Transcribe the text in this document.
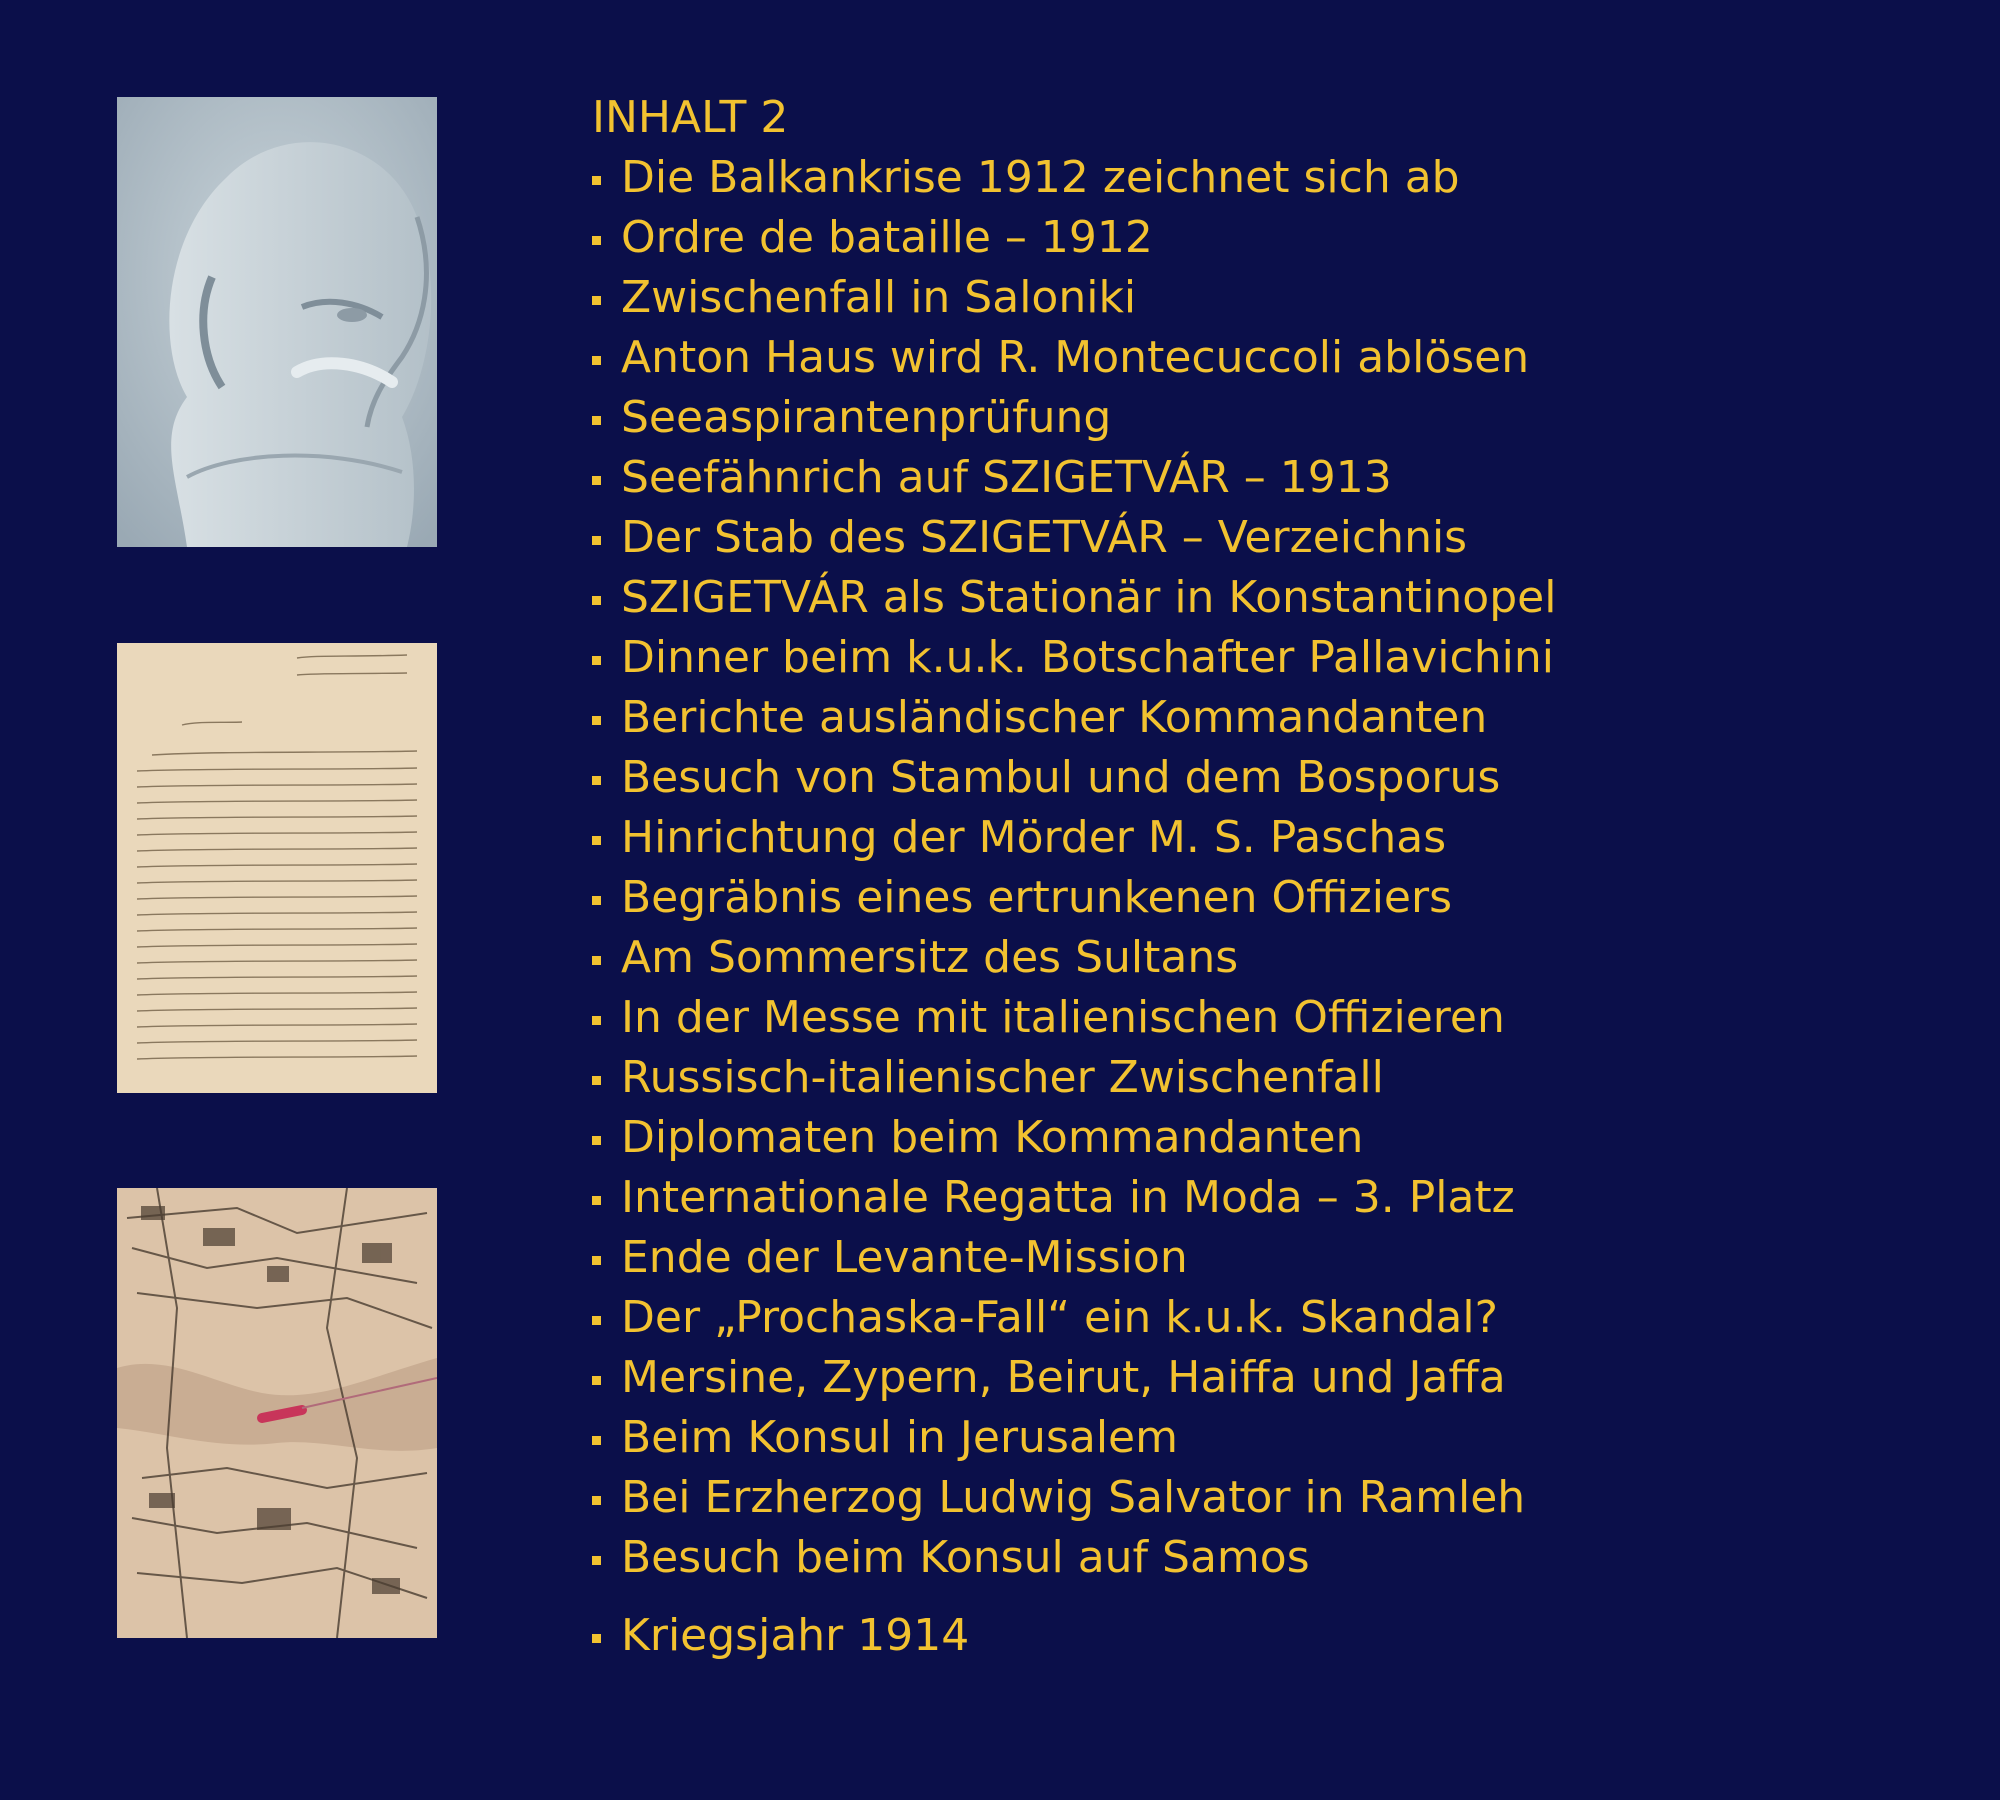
INHALT 2
Die Balkankrise 1912 zeichnet sich ab
Ordre de bataille – 1912
Zwischenfall in Saloniki
Anton Haus wird R. Montecuccoli ablösen
Seeaspirantenprüfung
Seefähnrich auf SZIGETVÁR – 1913
Der Stab des SZIGETVÁR – Verzeichnis
SZIGETVÁR als Stationär in Konstantinopel
Dinner beim k.u.k. Botschafter Pallavichini
Berichte ausländischer Kommandanten
Besuch von Stambul und dem Bosporus
Hinrichtung der Mörder M. S. Paschas
Begräbnis eines ertrunkenen Offiziers
Am Sommersitz des Sultans
In der Messe mit italienischen Offizieren
Russisch-italienischer Zwischenfall
Diplomaten beim Kommandanten
Internationale Regatta in Moda – 3. Platz
Ende der Levante-Mission
Der „Prochaska-Fall“ ein k.u.k. Skandal?
Mersine, Zypern, Beirut, Haiffa und Jaffa
Beim Konsul in Jerusalem
Bei Erzherzog Ludwig Salvator in Ramleh
Besuch beim Konsul auf Samos
Kriegsjahr 1914
